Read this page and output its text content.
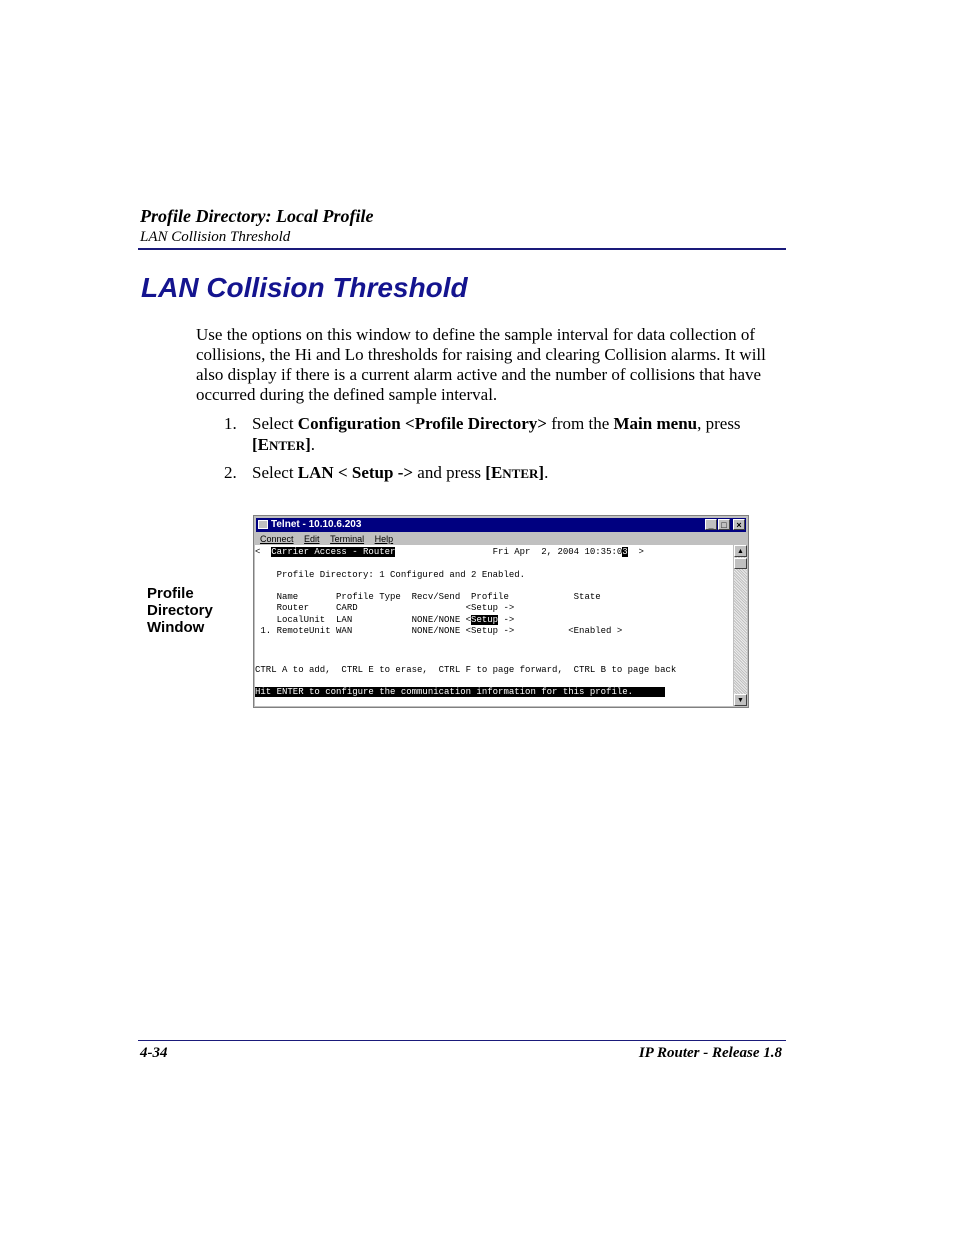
Profile Directory: Local Profile
LAN Collision Threshold
LAN Collision Threshold

Use the options on this window to define the sample interval for data collection of collisions, the Hi and Lo thresholds for raising and clearing Collision alarms. It will also display if there is a current alarm active and the number of collisions that have occurred during the defined sample interval.

1. Select Configuration <Profile Directory> from the Main menu, press [ENTER].
2. Select LAN < Setup -> and press [ENTER].
Profile
Directory
Window
Telnet - 10.10.6.203	_ □ ×
Connect Edit Terminal Help
<  Carrier Access - Router                  Fri Apr  2, 2004 10:35:03  >
Profile Directory: 1 Configured and 2 Enabled.
Name       Profile Type  Recv/Send  Profile            State
Router     CARD                    <Setup ->
LocalUnit  LAN           NONE/NONE <Setup ->
1. RemoteUnit WAN           NONE/NONE <Setup ->          <Enabled >
CTRL A to add,  CTRL E to erase,  CTRL F to page forward,  CTRL B to page back
Hit ENTER to configure the communication information for this profile.
▲
▼
4-34	IP Router - Release 1.8
